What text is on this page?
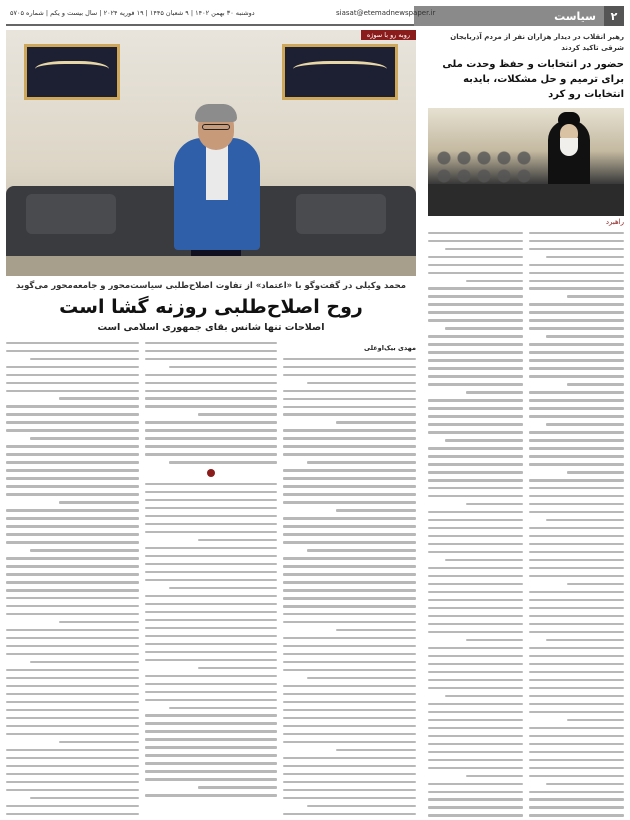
۲
سیاست
siasat@etemadnewspaper.ir
دوشنبه ۳۰ بهمن ۱۴۰۲ | ۹ شعبان ۱۴۴۵ | ۱۹ فوریه ۲۰۲۴ | سال بیست و یکم | شماره ۵۷۰۵
رهبر انقلاب در دیدار هزاران نفر از مردم آذربایجان شرقی تاکید کردند
حضور در انتخابات و حفظ وحدت ملی برای ترمیم و حل مشکلات، بایدبه انتخابات رو کرد
راهبرد
روبه رو با سوژه
محمد وکیلی در گفت‌وگو با «اعتماد» از تفاوت اصلاح‌طلبی سیاست‌محور و جامعه‌محور می‌گوید
روح اصلاح‌طلبی روزنه گشا است
اصلاحات تنها شانس بقای جمهوری اسلامی است
مهدی بیک‌اوغلی
